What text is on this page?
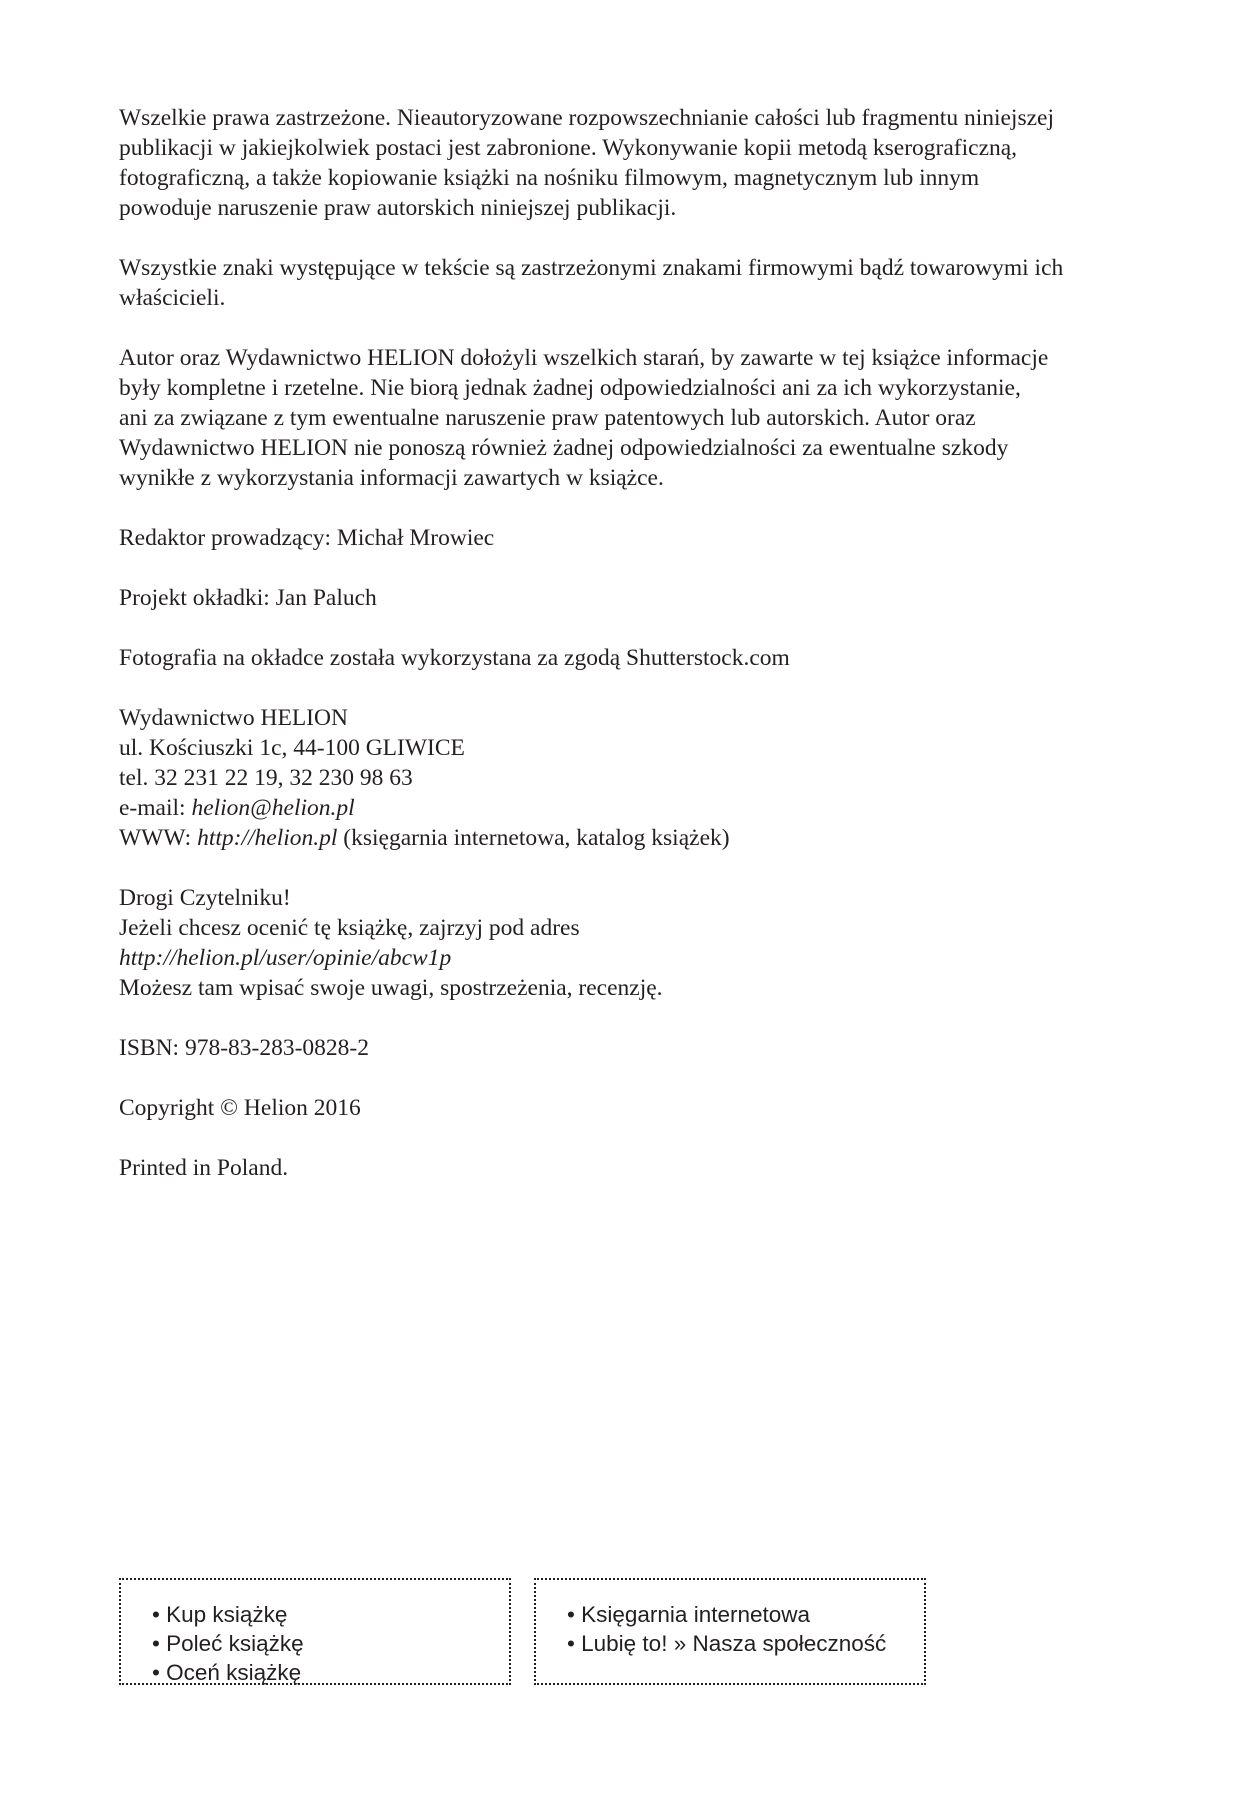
Wszelkie prawa zastrzeżone. Nieautoryzowane rozpowszechnianie całości lub fragmentu niniejszej
publikacji w jakiejkolwiek postaci jest zabronione. Wykonywanie kopii metodą kserograficzną,
fotograficzną, a także kopiowanie książki na nośniku filmowym, magnetycznym lub innym
powoduje naruszenie praw autorskich niniejszej publikacji.

Wszystkie znaki występujące w tekście są zastrzeżonymi znakami firmowymi bądź towarowymi ich
właścicieli.

Autor oraz Wydawnictwo HELION dołożyli wszelkich starań, by zawarte w tej książce informacje
były kompletne i rzetelne. Nie biorą jednak żadnej odpowiedzialności ani za ich wykorzystanie,
ani za związane z tym ewentualne naruszenie praw patentowych lub autorskich. Autor oraz
Wydawnictwo HELION nie ponoszą również żadnej odpowiedzialności za ewentualne szkody
wynikłe z wykorzystania informacji zawartych w książce.

Redaktor prowadzący: Michał Mrowiec

Projekt okładki: Jan Paluch

Fotografia na okładce została wykorzystana za zgodą Shutterstock.com

Wydawnictwo HELION
ul. Kościuszki 1c, 44-100 GLIWICE
tel. 32 231 22 19, 32 230 98 63
e-mail: helion@helion.pl
WWW: http://helion.pl (księgarnia internetowa, katalog książek)

Drogi Czytelniku!
Jeżeli chcesz ocenić tę książkę, zajrzyj pod adres
http://helion.pl/user/opinie/abcw1p
Możesz tam wpisać swoje uwagi, spostrzeżenia, recenzję.

ISBN: 978-83-283-0828-2

Copyright © Helion 2016

Printed in Poland.

• Kup książkę
• Poleć książkę
• Oceń książkę
• Księgarnia internetowa
• Lubię to! » Nasza społeczność
